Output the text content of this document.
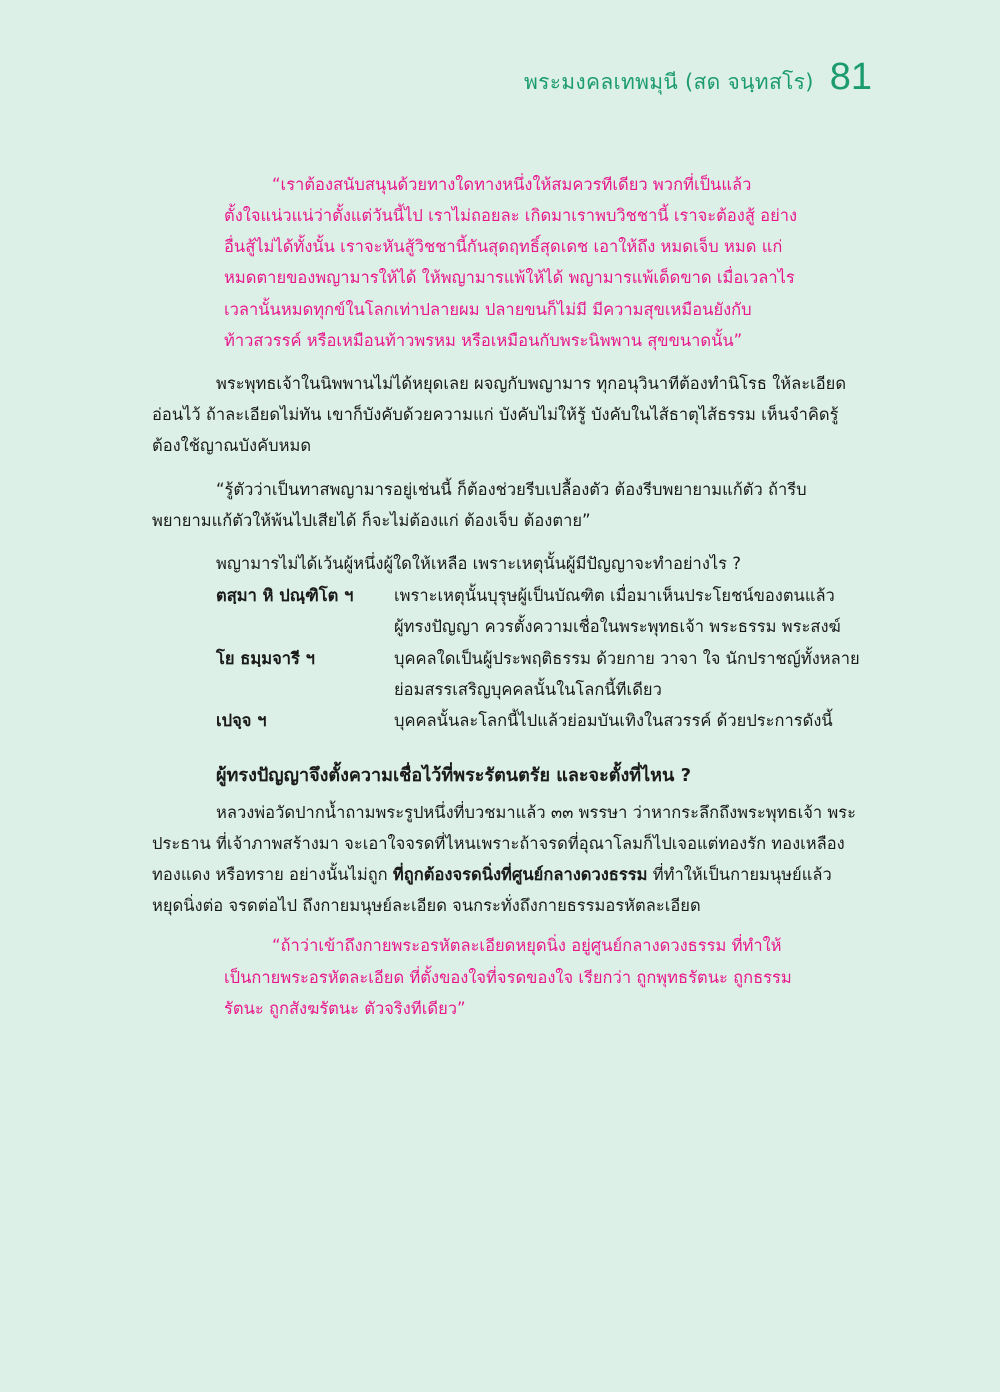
พระมงคลเทพมุนี (สด จนฺทสโร) 81
“เราต้องสนับสนุนด้วยทางใดทางหนึ่งให้สมควรทีเดียว พวกที่เป็นแล้ว
ตั้งใจแน่วแน่ว่าตั้งแต่วันนี้ไป เราไม่ถอยละ เกิดมาเราพบวิชชานี้ เราจะต้องสู้ อย่าง
อื่นสู้ไม่ได้ทั้งนั้น เราจะหันสู้วิชชานี้กันสุดฤทธิ์สุดเดช เอาให้ถึง หมดเจ็บ หมด แก่
หมดตายของพญามารให้ได้ ให้พญามารแพ้ให้ได้ พญามารแพ้เด็ดขาด เมื่อเวลาไร
เวลานั้นหมดทุกข์ในโลกเท่าปลายผม ปลายขนก็ไม่มี มีความสุขเหมือนยังกับ
ท้าวสวรรค์ หรือเหมือนท้าวพรหม หรือเหมือนกับพระนิพพาน สุขขนาดนั้น”
พระพุทธเจ้าในนิพพานไม่ได้หยุดเลย ผจญกับพญามาร ทุกอนุวินาทีต้องทำนิโรธ ให้ละเอียด
อ่อนไว้ ถ้าละเอียดไม่ทัน เขาก็บังคับด้วยความแก่ บังคับไม่ให้รู้ บังคับในไส้ธาตุไส้ธรรม เห็นจำคิดรู้
ต้องใช้ญาณบังคับหมด
“รู้ตัวว่าเป็นทาสพญามารอยู่เช่นนี้ ก็ต้องช่วยรีบเปลื้องตัว ต้องรีบพยายามแก้ตัว ถ้ารีบ
พยายามแก้ตัวให้พ้นไปเสียได้ ก็จะไม่ต้องแก่ ต้องเจ็บ ต้องตาย”
พญามารไม่ได้เว้นผู้หนึ่งผู้ใดให้เหลือ เพราะเหตุนั้นผู้มีปัญญาจะทำอย่างไร ?
ตสฺมา หิ ปณฺฑิโต ฯ เพราะเหตุนั้นบุรุษผู้เป็นบัณฑิต เมื่อมาเห็นประโยชน์ของตนแล้ว
ผู้ทรงปัญญา ควรตั้งความเชื่อในพระพุทธเจ้า พระธรรม พระสงฆ์
โย ธมฺมจารี ฯ	บุคคลใดเป็นผู้ประพฤติธรรม ด้วยกาย วาจา ใจ นักปราชญ์ทั้งหลาย
ย่อมสรรเสริญบุคคลนั้นในโลกนี้ทีเดียว
เปจฺจ ฯ	บุคคลนั้นละโลกนี้ไปแล้วย่อมบันเทิงในสวรรค์ ด้วยประการดังนี้
ผู้ทรงปัญญาจึงตั้งความเชื่อไว้ที่พระรัตนตรัย และจะตั้งที่ไหน ?
หลวงพ่อวัดปากน้ำถามพระรูปหนึ่งที่บวชมาแล้ว ๓๓ พรรษา ว่าหากระลึกถึงพระพุทธเจ้า พระ
ประธาน ที่เจ้าภาพสร้างมา จะเอาใจจรดที่ไหนเพราะถ้าจรดที่อุณาโลมก็ไปเจอแต่ทองรัก ทองเหลือง
ทองแดง หรือทราย อย่างนั้นไม่ถูก ที่ถูกต้องจรดนิ่งที่ศูนย์กลางดวงธรรม ที่ทำให้เป็นกายมนุษย์แล้ว
หยุดนิ่งต่อ จรดต่อไป ถึงกายมนุษย์ละเอียด จนกระทั่งถึงกายธรรมอรหัตละเอียด
“ถ้าว่าเข้าถึงกายพระอรหัตละเอียดหยุดนิ่ง อยู่ศูนย์กลางดวงธรรม ที่ทำให้
เป็นกายพระอรหัตละเอียด ที่ตั้งของใจที่จรดของใจ เรียกว่า ถูกพุทธรัตนะ ถูกธรรม
รัตนะ ถูกสังฆรัตนะ ตัวจริงทีเดียว”
